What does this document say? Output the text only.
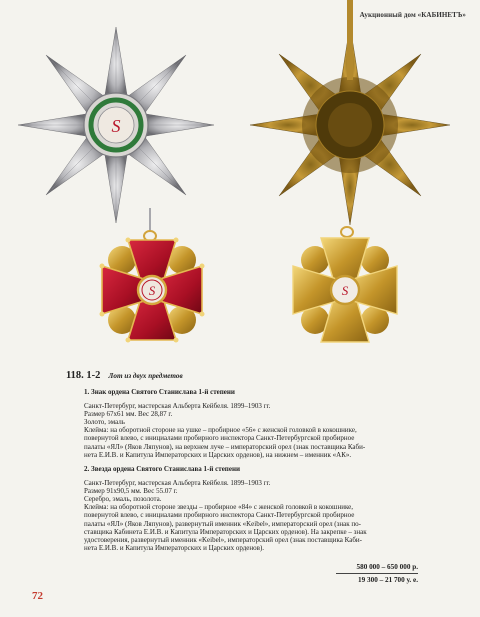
Аукционный дом «КАБИНЕТЪ»
S
S	S
118. 1-2 Лот из двух предметов

1. Знак ордена Святого Станислава 1-й степени

Санкт-Петербург, мастерская Альберта Кейбеля. 1899–1903 гг.

Размер 67х61 мм. Вес 28,87 г.

Золото, эмаль

Клейма: на оборотной стороне на ушке – пробирное «56» с женской головкой в кокошнике,

повернутой влево, с инициалами пробирного инспектора Санкт-Петербургской пробирное

палаты «ЯЛ» (Яков Ляпунов), на верхнем луче – императорский орел (знак поставщика Каби-

нета Е.И.В. и Капитула Императорских и Царских орденов), на нижнем – именник «АК».

2. Звезда ордена Святого Станислава 1-й степени

Санкт-Петербург, мастерская Альберта Кейбеля. 1899–1903 гг.

Размер 91х90,5 мм. Вес 55.07 г.

Серебро, эмаль, позолота.

Клейма: на оборотной стороне звезды – пробирное «84» с женской головкой в кокошнике,

повернутой влево, с инициалами пробирного инспектора Санкт-Петербургской пробирное

палаты «ЯЛ» (Яков Ляпунов), развернутый именник «Keibel», императорский орел (знак по-

ставщика Кабинета Е.И.В. и Капитула Императорских и Царских орденов). На закрепке – знак

удостоверения, развернутый именник «Keibel», императорский орел (знак поставщика Каби-

нета Е.И.В. и Капитула Императорских и Царских орденов).

580 000 – 650 000 р.
19 300 – 21 700 у. е.
72
